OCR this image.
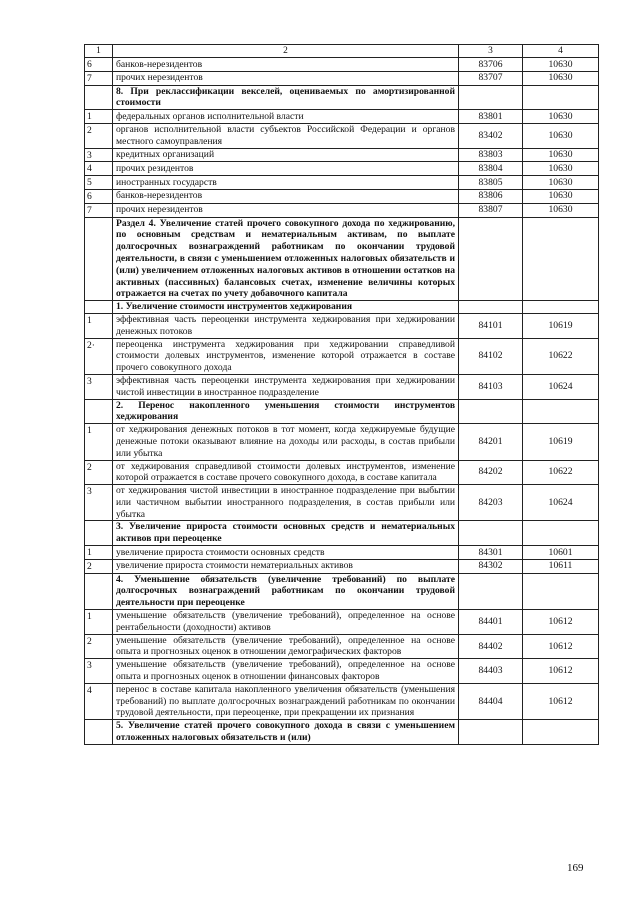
1	2	3	4
6	банков-нерезидентов	83706	10630
7	прочих нерезидентов	83707	10630
	8. При реклассификации векселей, оцениваемых по амортизированной стоимости		
1	федеральных органов исполнительной власти	83801	10630
2	органов исполнительной власти субъектов Российской Федерации и органов местного самоуправления	83402	10630
3	кредитных организаций	83803	10630
4	прочих резидентов	83804	10630
5	иностранных государств	83805	10630
6	банков-нерезидентов	83806	10630
7	прочих нерезидентов	83807	10630
	Раздел 4. Увеличение статей прочего совокупного дохода по хеджированию, по основным средствам и нематериальным активам, по выплате долгосрочных вознаграждений работникам по окончании трудовой деятельности, в связи с уменьшением отложенных налоговых обязательств и (или) увеличением отложенных налоговых активов в отношении остатков на активных (пассивных) балансовых счетах, изменение величины которых отражается на счетах по учету добавочного капитала		
	1. Увеличение стоимости инструментов хеджирования		
1	эффективная часть переоценки инструмента хеджирования при хеджировании денежных потоков	84101	10619
2·	переоценка инструмента хеджирования при хеджировании справедливой стоимости долевых инструментов, изменение которой отражается в составе прочего совокупного дохода	84102	10622
3	эффективная часть переоценки инструмента хеджирования при хеджировании чистой инвестиции в иностранное подразделение	84103	10624
	2. Перенос накопленного уменьшения стоимости инструментов хеджирования		
1	от хеджирования денежных потоков в тот момент, когда хеджируемые будущие денежные потоки оказывают влияние на доходы или расходы, в состав прибыли или убытка	84201	10619
2	от хеджирования справедливой стоимости долевых инструментов, изменение которой отражается в составе прочего совокупного дохода, в составе капитала	84202	10622
3	от хеджирования чистой инвестиции в иностранное подразделение при выбытии или частичном выбытии иностранного подразделения, в состав прибыли или убытка	84203	10624
	3. Увеличение прироста стоимости основных средств и нематериальных активов при переоценке		
1	увеличение прироста стоимости основных средств	84301	10601
2	увеличение прироста стоимости нематериальных активов	84302	10611
	4. Уменьшение обязательств (увеличение требований) по выплате долгосрочных вознаграждений работникам по окончании трудовой деятельности при переоценке		
1	уменьшение обязательств (увеличение требований), определенное на основе рентабельности (доходности) активов	84401	10612
2	уменьшение обязательств (увеличение требований), определенное на основе опыта и прогнозных оценок в отношении демографических факторов	84402	10612
3	уменьшение обязательств (увеличение требований), определенное на основе опыта и прогнозных оценок в отношении финансовых факторов	84403	10612
4	перенос в составе капитала накопленного увеличения обязательств (уменьшения требований) по выплате долгосрочных вознаграждений работникам по окончании трудовой деятельности, при переоценке, при прекращении их признания	84404	10612
	5. Увеличение статей прочего совокупного дохода в связи с уменьшением отложенных налоговых обязательств и (или)		
169
